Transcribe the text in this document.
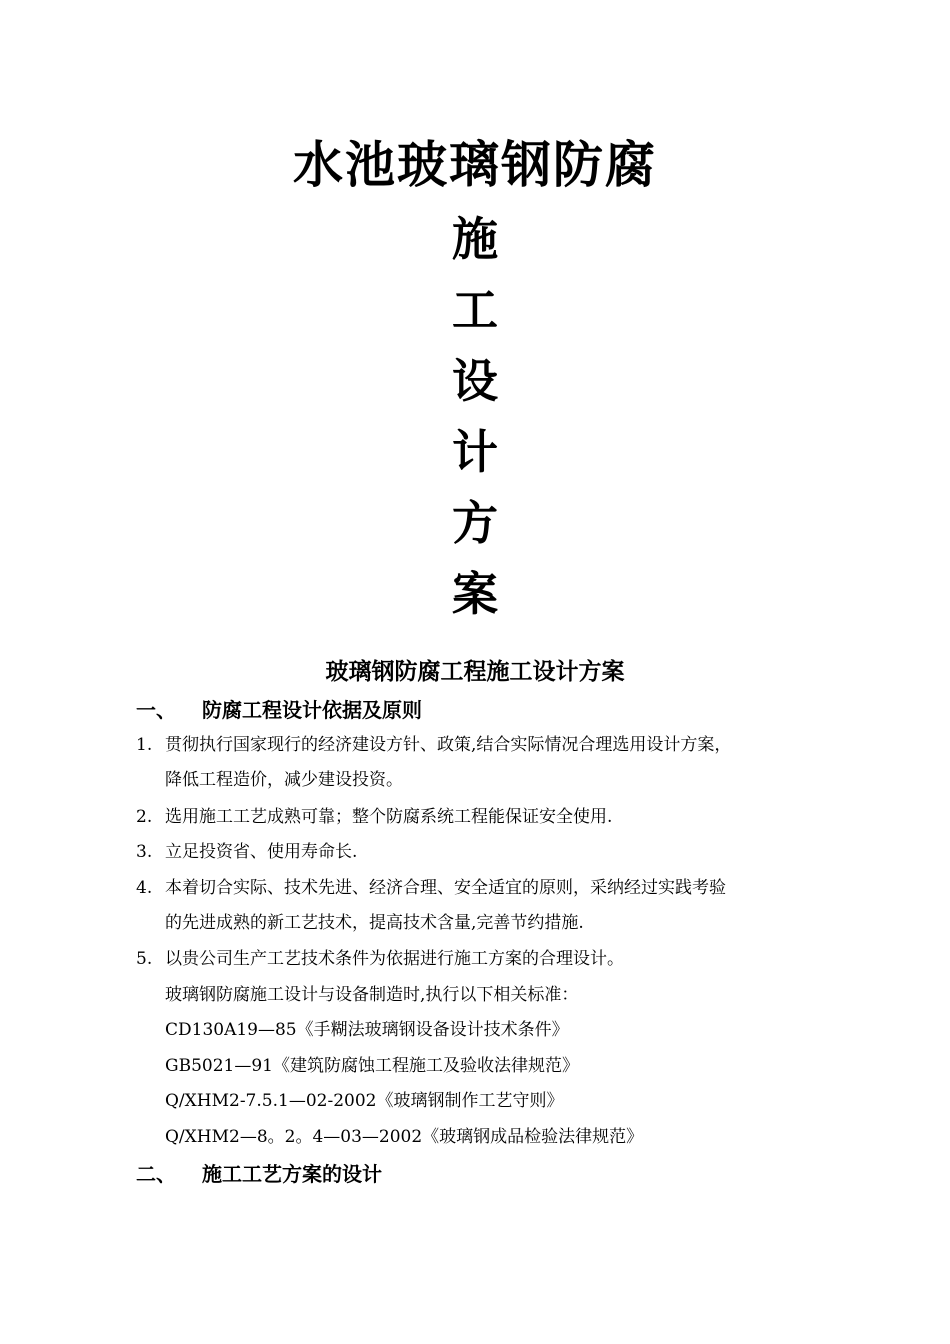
水池玻璃钢防腐
施
工
设
计
方
案
玻璃钢防腐工程施工设计方案
一、 防腐工程设计依据及原则
1. 贯彻执行国家现行的经济建设方针、政策,结合实际情况合理选用设计方案，
降低工程造价，减少建设投资。
2. 选用施工工艺成熟可靠；整个防腐系统工程能保证安全使用.
3. 立足投资省、使用寿命长.
4. 本着切合实际、技术先进、经济合理、安全适宜的原则，采纳经过实践考验
的先进成熟的新工艺技术，提高技术含量,完善节约措施.
5. 以贵公司生产工艺技术条件为依据进行施工方案的合理设计。
玻璃钢防腐施工设计与设备制造时,执行以下相关标准：
CD130A19—85《手糊法玻璃钢设备设计技术条件》
GB5021—91《建筑防腐蚀工程施工及验收法律规范》
Q/XHM2-7.5.1—02-2002《玻璃钢制作工艺守则》
Q/XHM2—8。2。4—03—2002《玻璃钢成品检验法律规范》
二、 施工工艺方案的设计
